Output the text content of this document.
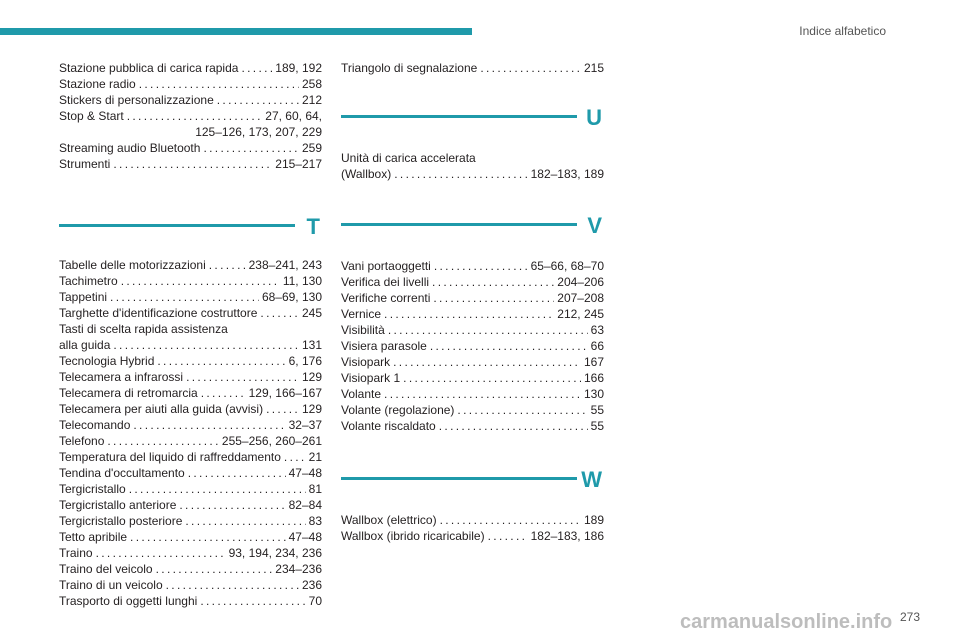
Indice alfabetico
Stazione pubblica di carica rapida . . .	189, 192
Stazione radio . . .	258
Stickers di personalizzazione . . .	212
Stop & Start . . .	27, 60, 64,
125–126, 173, 207, 229
Streaming audio Bluetooth . . .	259
Strumenti . . .	215–217
T
Tabelle delle motorizzazioni . . .	238–241, 243
Tachimetro . . .	11, 130
Tappetini . . .	68–69, 130
Targhette d'identificazione costruttore . . .	245
Tasti di scelta rapida assistenza
alla guida . . .	131
Tecnologia Hybrid . . .	6, 176
Telecamera a infrarossi . . .	129
Telecamera di retromarcia . . .	129, 166–167
Telecamera per aiuti alla guida (avvisi) . . .	129
Telecomando . . .	32–37
Telefono . . .	255–256, 260–261
Temperatura del liquido di raffreddamento . . . 21
Tendina d'occultamento . . .	47–48
Tergicristallo . . .	81
Tergicristallo anteriore . . .	82–84
Tergicristallo posteriore . . .	83
Tetto apribile . . .	47–48
Traino . . .	93, 194, 234, 236
Traino del veicolo . . .	234–236
Traino di un veicolo . . .	236
Trasporto di oggetti lunghi . . .	70
Triangolo di segnalazione . . .	215
U
Unità di carica accelerata
(Wallbox) . . .	182–183, 189
V
Vani portaoggetti . . .	65–66, 68–70
Verifica dei livelli . . .	204–206
Verifiche correnti . . .	207–208
Vernice . . .	212, 245
Visibilità . . .	63
Visiera parasole . . .	66
Visiopark . . .	167
Visiopark 1 . . .	166
Volante . . .	130
Volante (regolazione) . . .	55
Volante riscaldato . . .	55
W
Wallbox (elettrico) . . .	189
Wallbox (ibrido ricaricabile) . . .	182–183, 186
273
carmanualsonline.info
